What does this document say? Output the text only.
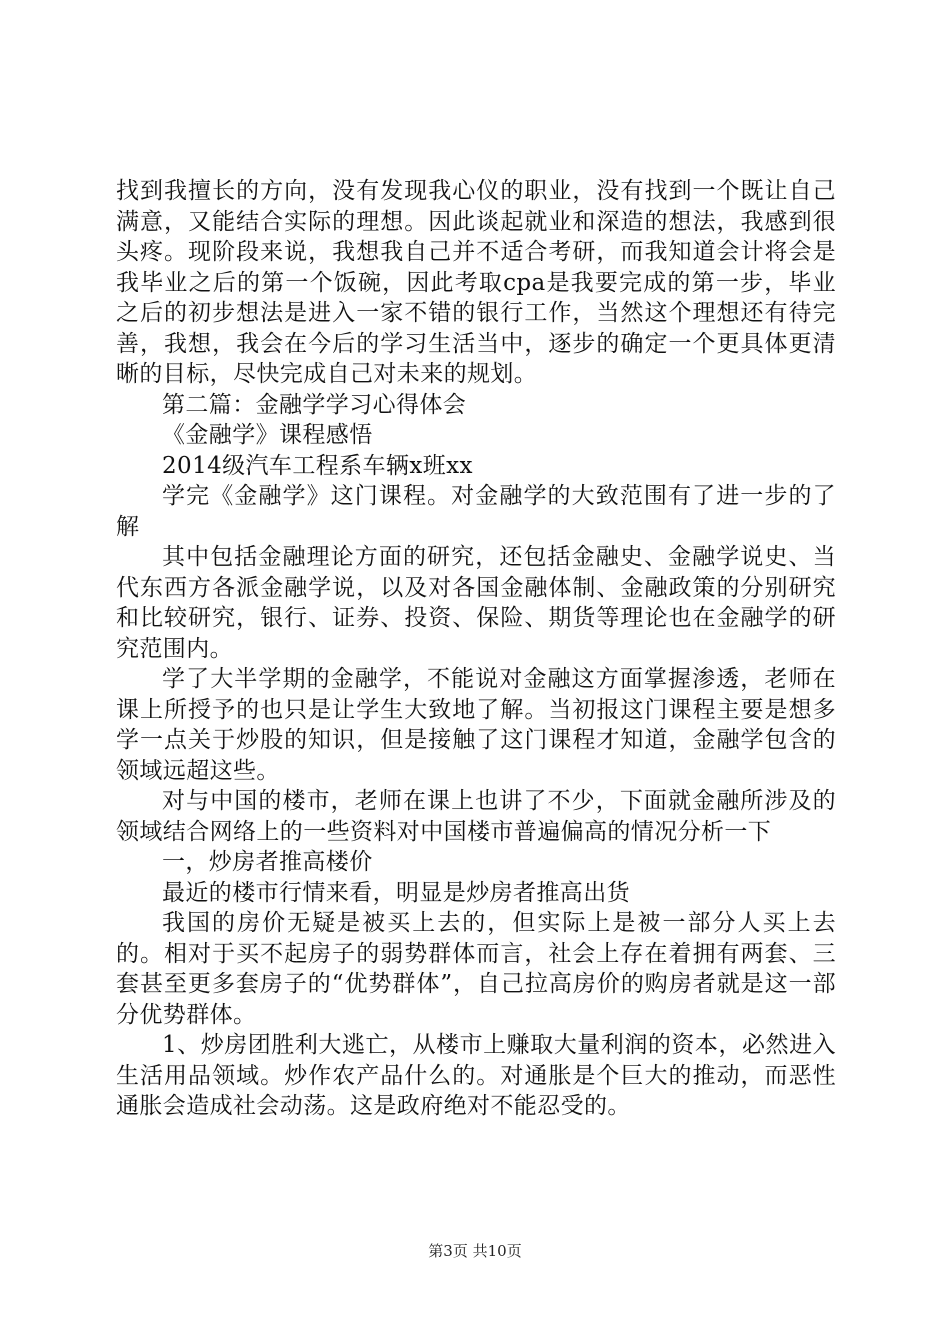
找到我擅长的方向，没有发现我心仪的职业，没有找到一个既让自己满意，又能结合实际的理想。因此谈起就业和深造的想法，我感到很头疼。现阶段来说，我想我自己并不适合考研，而我知道会计将会是我毕业之后的第一个饭碗，因此考取cpa是我要完成的第一步，毕业之后的初步想法是进入一家不错的银行工作，当然这个理想还有待完善，我想，我会在今后的学习生活当中，逐步的确定一个更具体更清晰的目标，尽快完成自己对未来的规划。

第二篇：金融学学习心得体会

《金融学》课程感悟

2014级汽车工程系车辆x班xx

学完《金融学》这门课程。对金融学的大致范围有了进一步的了解

其中包括金融理论方面的研究，还包括金融史、金融学说史、当代东西方各派金融学说，以及对各国金融体制、金融政策的分别研究和比较研究，银行、证券、投资、保险、期货等理论也在金融学的研究范围内。

学了大半学期的金融学，不能说对金融这方面掌握渗透，老师在课上所授予的也只是让学生大致地了解。当初报这门课程主要是想多学一点关于炒股的知识，但是接触了这门课程才知道，金融学包含的领域远超这些。

对与中国的楼市，老师在课上也讲了不少，下面就金融所涉及的领域结合网络上的一些资料对中国楼市普遍偏高的情况分析一下

一，炒房者推高楼价

最近的楼市行情来看，明显是炒房者推高出货

我国的房价无疑是被买上去的，但实际上是被一部分人买上去的。相对于买不起房子的弱势群体而言，社会上存在着拥有两套、三套甚至更多套房子的“优势群体”，自己拉高房价的购房者就是这一部分优势群体。

1、炒房团胜利大逃亡，从楼市上赚取大量利润的资本，必然进入生活用品领域。炒作农产品什么的。对通胀是个巨大的推动，而恶性通胀会造成社会动荡。这是政府绝对不能忍受的。

第3页 共10页
